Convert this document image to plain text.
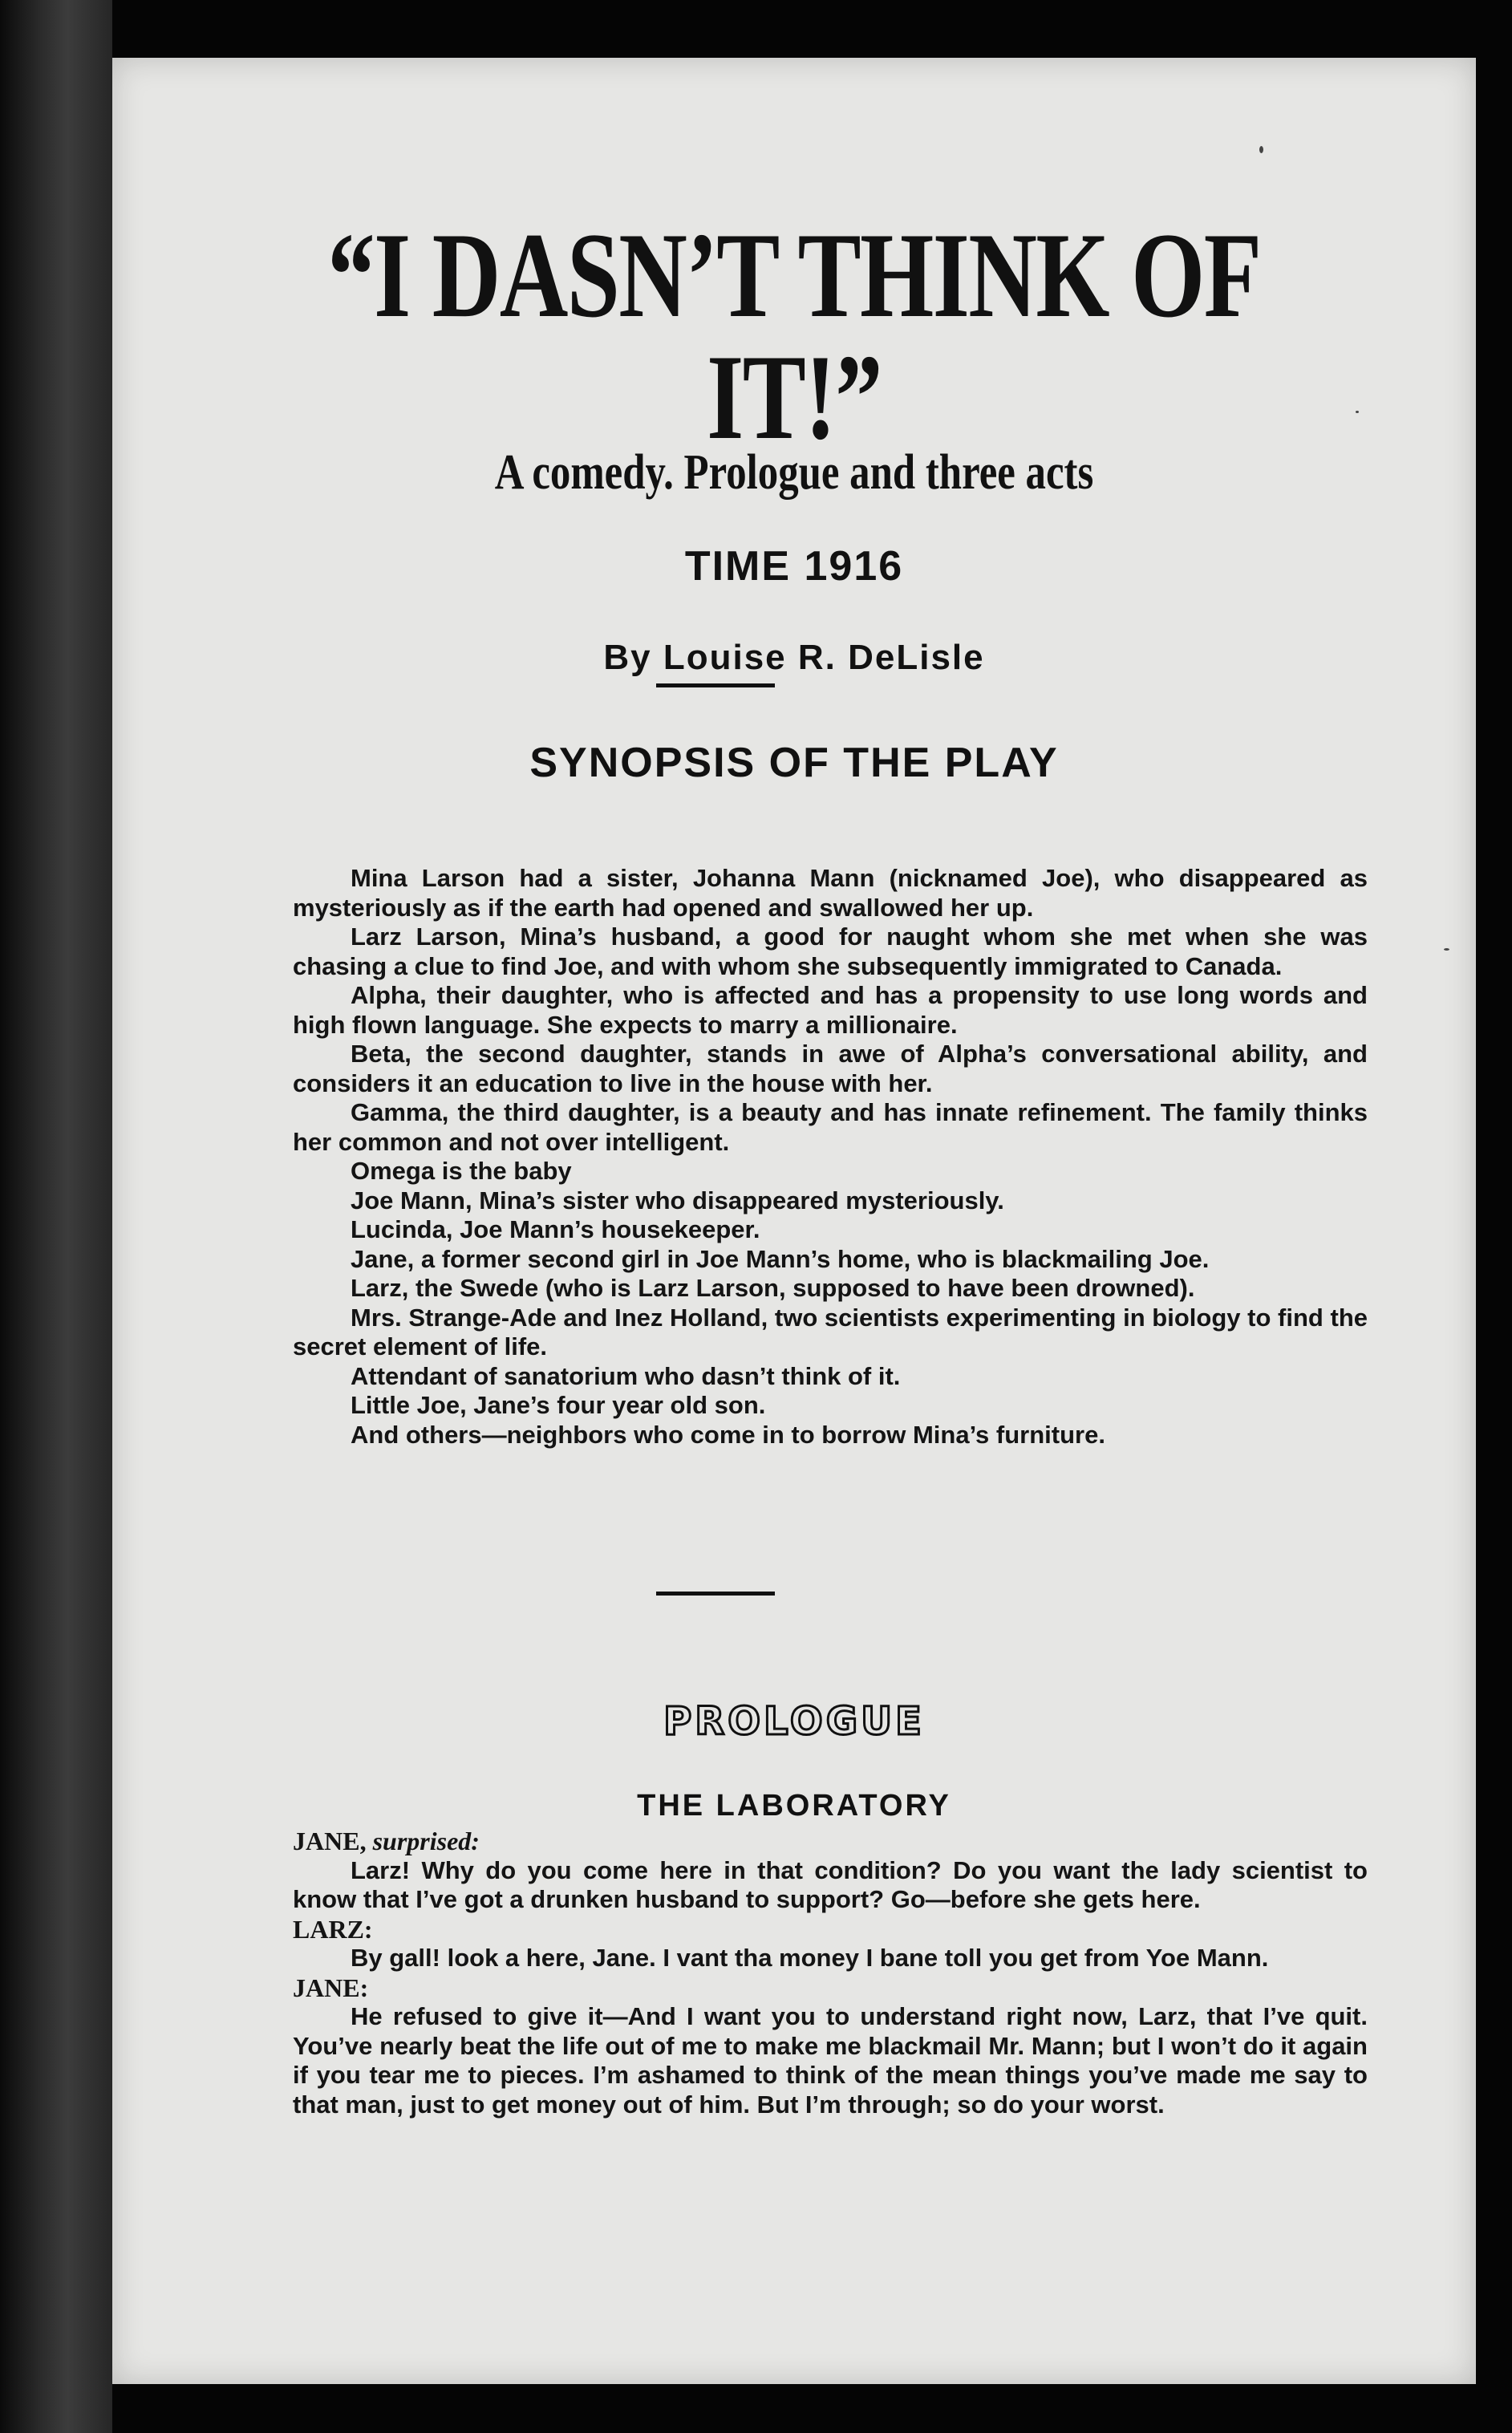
“I DASN’T THINK OF IT!”
A comedy. Prologue and three acts
TIME 1916
By Louise R. DeLisle
SYNOPSIS OF THE PLAY

Mina Larson had a sister, Johanna Mann (nicknamed Joe), who disappeared as mysteriously as if the earth had opened and swallowed her up.

Larz Larson, Mina’s husband, a good for naught whom she met when she was chasing a clue to find Joe, and with whom she subsequently immigrated to Canada.

Alpha, their daughter, who is affected and has a propensity to use long words and high flown language. She expects to marry a millionaire.

Beta, the second daughter, stands in awe of Alpha’s conversational ability, and considers it an education to live in the house with her.

Gamma, the third daughter, is a beauty and has innate refinement. The family thinks her common and not over intelligent.

Omega is the baby

Joe Mann, Mina’s sister who disappeared mysteriously.

Lucinda, Joe Mann’s housekeeper.

Jane, a former second girl in Joe Mann’s home, who is blackmailing Joe.

Larz, the Swede (who is Larz Larson, supposed to have been drowned).

Mrs. Strange-Ade and Inez Holland, two scientists experimenting in biology to find the secret element of life.

Attendant of sanatorium who dasn’t think of it.

Little Joe, Jane’s four year old son.

And others—neighbors who come in to borrow Mina’s furniture.

PROLOGUE
THE LABORATORY

JANE, surprised:

Larz! Why do you come here in that condition? Do you want the lady scientist to know that I’ve got a drunken husband to support? Go—before she gets here.

LARZ:

By gall! look a here, Jane. I vant tha money I bane toll you get from Yoe Mann.

JANE:

He refused to give it—And I want you to understand right now, Larz, that I’ve quit. You’ve nearly beat the life out of me to make me blackmail Mr. Mann; but I won’t do it again if you tear me to pieces. I’m ashamed to think of the mean things you’ve made me say to that man, just to get money out of him. But I’m through; so do your worst.
